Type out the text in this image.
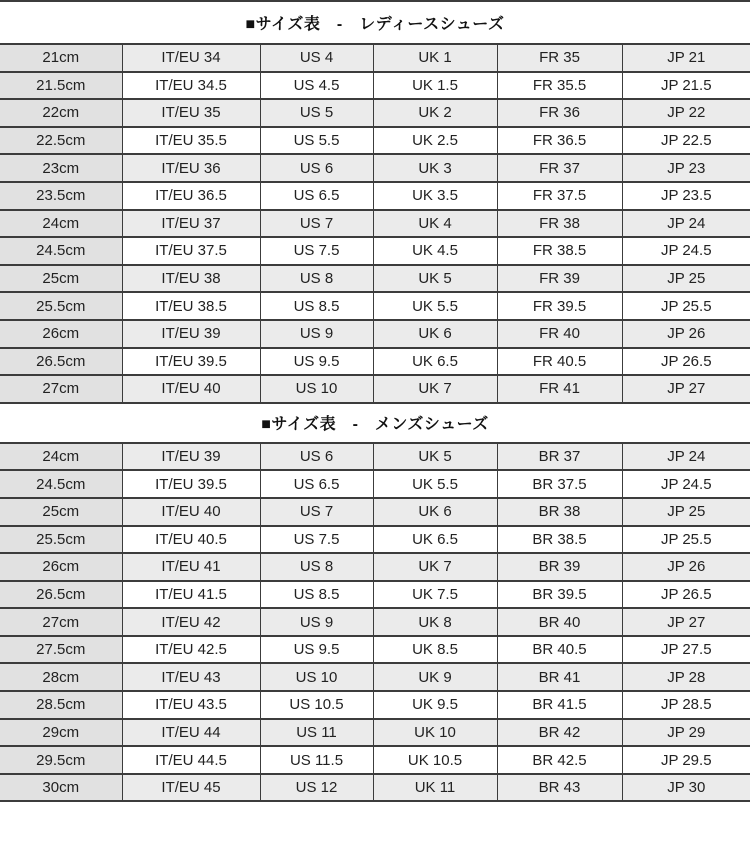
■サイズ表　-　レディースシューズ
21cm	IT/EU 34	US 4	UK 1	FR 35	JP 21
21.5cm	IT/EU 34.5	US 4.5	UK 1.5	FR 35.5	JP 21.5
22cm	IT/EU 35	US 5	UK 2	FR 36	JP 22
22.5cm	IT/EU 35.5	US 5.5	UK 2.5	FR 36.5	JP 22.5
23cm	IT/EU 36	US 6	UK 3	FR 37	JP 23
23.5cm	IT/EU 36.5	US 6.5	UK 3.5	FR 37.5	JP 23.5
24cm	IT/EU 37	US 7	UK 4	FR 38	JP 24
24.5cm	IT/EU 37.5	US 7.5	UK 4.5	FR 38.5	JP 24.5
25cm	IT/EU 38	US 8	UK 5	FR 39	JP 25
25.5cm	IT/EU 38.5	US 8.5	UK 5.5	FR 39.5	JP 25.5
26cm	IT/EU 39	US 9	UK 6	FR 40	JP 26
26.5cm	IT/EU 39.5	US 9.5	UK 6.5	FR 40.5	JP 26.5
27cm	IT/EU 40	US 10	UK 7	FR 41	JP 27
■サイズ表　-　メンズシューズ
24cm	IT/EU 39	US 6	UK 5	BR 37	JP 24
24.5cm	IT/EU 39.5	US 6.5	UK 5.5	BR 37.5	JP 24.5
25cm	IT/EU 40	US 7	UK 6	BR 38	JP 25
25.5cm	IT/EU 40.5	US 7.5	UK 6.5	BR 38.5	JP 25.5
26cm	IT/EU 41	US 8	UK 7	BR 39	JP 26
26.5cm	IT/EU 41.5	US 8.5	UK 7.5	BR 39.5	JP 26.5
27cm	IT/EU 42	US 9	UK 8	BR 40	JP 27
27.5cm	IT/EU 42.5	US 9.5	UK 8.5	BR 40.5	JP 27.5
28cm	IT/EU 43	US 10	UK 9	BR 41	JP 28
28.5cm	IT/EU 43.5	US 10.5	UK 9.5	BR 41.5	JP 28.5
29cm	IT/EU 44	US 11	UK 10	BR 42	JP 29
29.5cm	IT/EU 44.5	US 11.5	UK 10.5	BR 42.5	JP 29.5
30cm	IT/EU 45	US 12	UK 11	BR 43	JP 30
